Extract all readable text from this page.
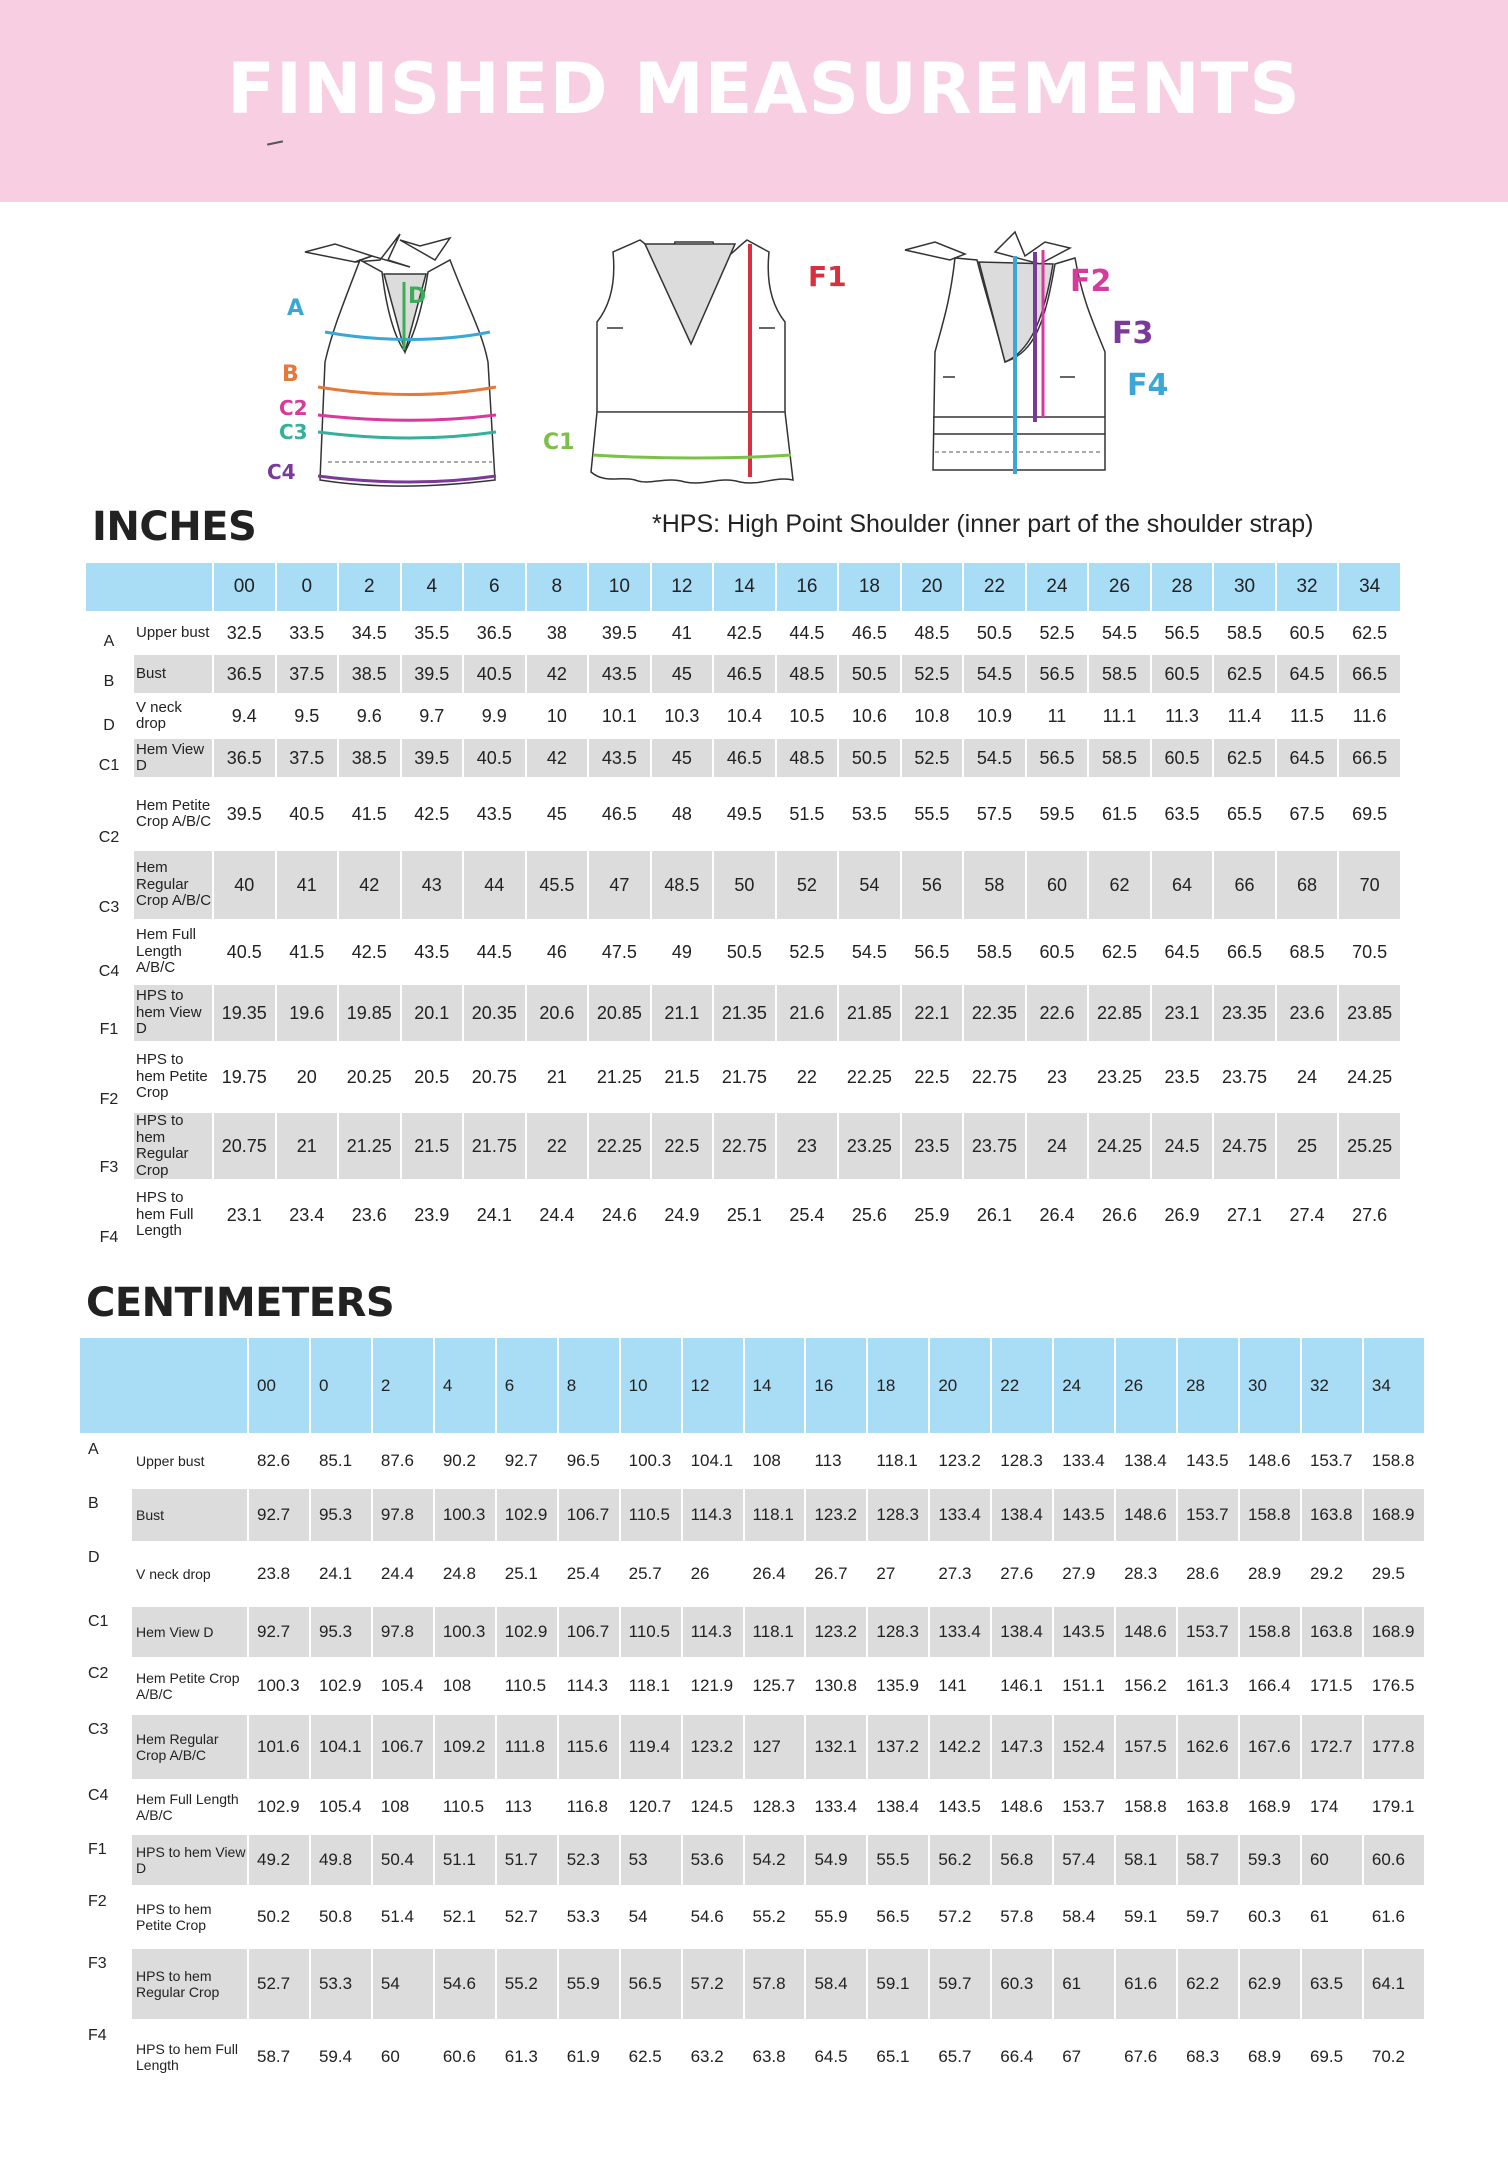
FINISHED MEASUREMENTS
A	D
B
C2
C3
C4
F1
C1
F2
F3
F4
INCHES	*HPS: High Point Shoulder (inner part of the shoulder strap)
		00	0	2	4	6	8	10	12	14	16	18	20	22	24	26	28	30	32	34
A	Upper bust	32.5	33.5	34.5	35.5	36.5	38	39.5	41	42.5	44.5	46.5	48.5	50.5	52.5	54.5	56.5	58.5	60.5	62.5
B	Bust	36.5	37.5	38.5	39.5	40.5	42	43.5	45	46.5	48.5	50.5	52.5	54.5	56.5	58.5	60.5	62.5	64.5	66.5
D	V neck drop	9.4	9.5	9.6	9.7	9.9	10	10.1	10.3	10.4	10.5	10.6	10.8	10.9	11	11.1	11.3	11.4	11.5	11.6
C1	Hem View D	36.5	37.5	38.5	39.5	40.5	42	43.5	45	46.5	48.5	50.5	52.5	54.5	56.5	58.5	60.5	62.5	64.5	66.5
C2	Hem Petite Crop A/B/C	39.5	40.5	41.5	42.5	43.5	45	46.5	48	49.5	51.5	53.5	55.5	57.5	59.5	61.5	63.5	65.5	67.5	69.5
C3	Hem Regular Crop A/B/C	40	41	42	43	44	45.5	47	48.5	50	52	54	56	58	60	62	64	66	68	70
C4	Hem Full Length A/B/C	40.5	41.5	42.5	43.5	44.5	46	47.5	49	50.5	52.5	54.5	56.5	58.5	60.5	62.5	64.5	66.5	68.5	70.5
F1	HPS to hem View D	19.35	19.6	19.85	20.1	20.35	20.6	20.85	21.1	21.35	21.6	21.85	22.1	22.35	22.6	22.85	23.1	23.35	23.6	23.85
F2	HPS to hem Petite Crop	19.75	20	20.25	20.5	20.75	21	21.25	21.5	21.75	22	22.25	22.5	22.75	23	23.25	23.5	23.75	24	24.25
F3	HPS to hem Regular Crop	20.75	21	21.25	21.5	21.75	22	22.25	22.5	22.75	23	23.25	23.5	23.75	24	24.25	24.5	24.75	25	25.25
F4	HPS to hem Full Length	23.1	23.4	23.6	23.9	24.1	24.4	24.6	24.9	25.1	25.4	25.6	25.9	26.1	26.4	26.6	26.9	27.1	27.4	27.6
CENTIMETERS
		00	0	2	4	6	8	10	12	14	16	18	20	22	24	26	28	30	32	34
A	Upper bust	82.6	85.1	87.6	90.2	92.7	96.5	100.3	104.1	108	113	118.1	123.2	128.3	133.4	138.4	143.5	148.6	153.7	158.8
B	Bust	92.7	95.3	97.8	100.3	102.9	106.7	110.5	114.3	118.1	123.2	128.3	133.4	138.4	143.5	148.6	153.7	158.8	163.8	168.9
D	V neck drop	23.8	24.1	24.4	24.8	25.1	25.4	25.7	26	26.4	26.7	27	27.3	27.6	27.9	28.3	28.6	28.9	29.2	29.5
C1	Hem View D	92.7	95.3	97.8	100.3	102.9	106.7	110.5	114.3	118.1	123.2	128.3	133.4	138.4	143.5	148.6	153.7	158.8	163.8	168.9
C2	Hem Petite Crop A/B/C	100.3	102.9	105.4	108	110.5	114.3	118.1	121.9	125.7	130.8	135.9	141	146.1	151.1	156.2	161.3	166.4	171.5	176.5
C3	Hem Regular Crop A/B/C	101.6	104.1	106.7	109.2	111.8	115.6	119.4	123.2	127	132.1	137.2	142.2	147.3	152.4	157.5	162.6	167.6	172.7	177.8
C4	Hem Full Length A/B/C	102.9	105.4	108	110.5	113	116.8	120.7	124.5	128.3	133.4	138.4	143.5	148.6	153.7	158.8	163.8	168.9	174	179.1
F1	HPS to hem View D	49.2	49.8	50.4	51.1	51.7	52.3	53	53.6	54.2	54.9	55.5	56.2	56.8	57.4	58.1	58.7	59.3	60	60.6
F2	HPS to hem Petite Crop	50.2	50.8	51.4	52.1	52.7	53.3	54	54.6	55.2	55.9	56.5	57.2	57.8	58.4	59.1	59.7	60.3	61	61.6
F3	HPS to hem Regular Crop	52.7	53.3	54	54.6	55.2	55.9	56.5	57.2	57.8	58.4	59.1	59.7	60.3	61	61.6	62.2	62.9	63.5	64.1
F4	HPS to hem Full Length	58.7	59.4	60	60.6	61.3	61.9	62.5	63.2	63.8	64.5	65.1	65.7	66.4	67	67.6	68.3	68.9	69.5	70.2
